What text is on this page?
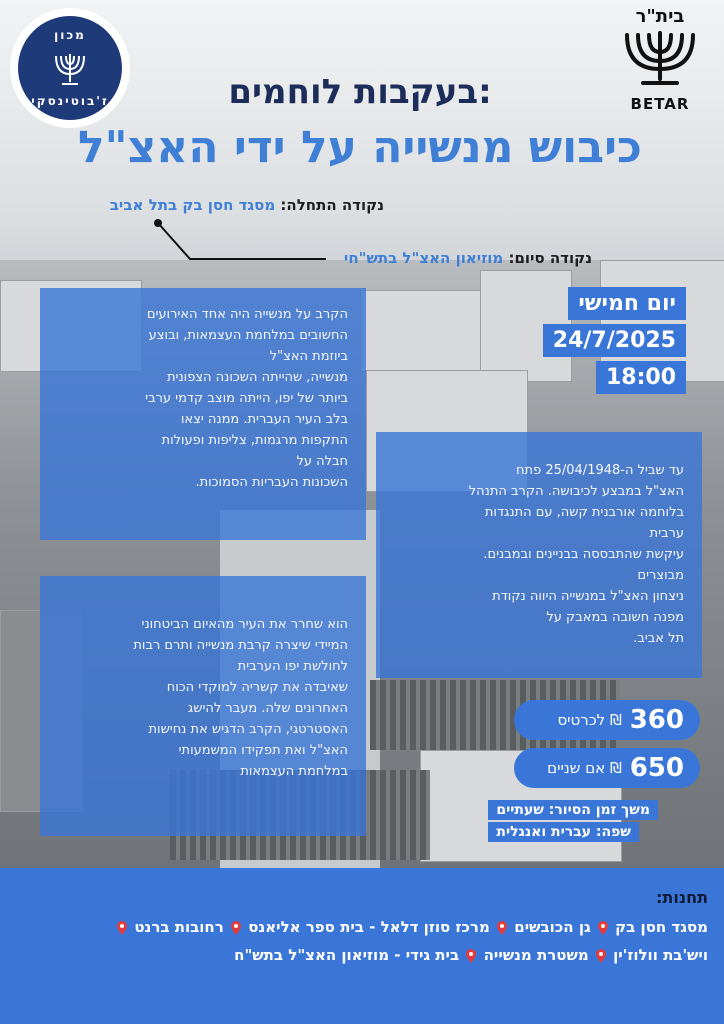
מכון
ז'בוטינסקי
בית"ר
BETAR
:בעקבות לוחמים
כיבוש מנשייה על ידי האצ"ל
נקודה התחלה: מסגד חסן בק בתל אביב
נקודה סיום: מוזיאון האצ"ל בתש"חי
יום חמישי
24/7/2025
18:00
הקרב על מנשייה היה אחד האירועים
החשובים במלחמת העצמאות, ובוצע
ביוזמת האצ"ל
מנשייה, שהייתה השכונה הצפונית
ביותר של יפו, הייתה מוצב קדמי ערבי
בלב העיר העברית. ממנה יצאו
התקפות מרגמות, צליפות ופעולות
חבלה על
השכונות העבריות הסמוכות.
עד שביל ה-25/04/1948 פתח
האצ"ל במבצע לכיבושה. הקרב התנהל
בלוחמה אורבנית קשה, עם התנגדות
ערבית
עיקשת שהתבססה בבניינים ובמבנים.
מבוצרים
ניצחון האצ"ל במנשייה היווה נקודת
מפנה חשובה במאבק על
תל אביב.
הוא שחרר את העיר מהאיום הביטחוני
המיידי שיצרה קרבת מנשייה ותרם רבות
לחולשת יפו הערבית
שאיבדה את קשריה למוקדי הכוח
האחרונים שלה. מעבר להישג
האסטרטגי, הקרב הדגיש את נחישות
האצ"ל ואת תפקידו המשמעותי
במלחמת העצמאות
360
₪ לכרטיס
650
₪ אם שניים
משך זמן הסיור: שעתיים
שפה: עברית ואנגלית
תחנות:
מסגד חסן בק  גן הכובשים  מרכז סוזן דלאל - בית ספר אליאנס  רחובות ברנט
ויש'בת וולוז'ין  משטרת מנשייה  בית גידי - מוזיאון האצ"ל בתש"ח
